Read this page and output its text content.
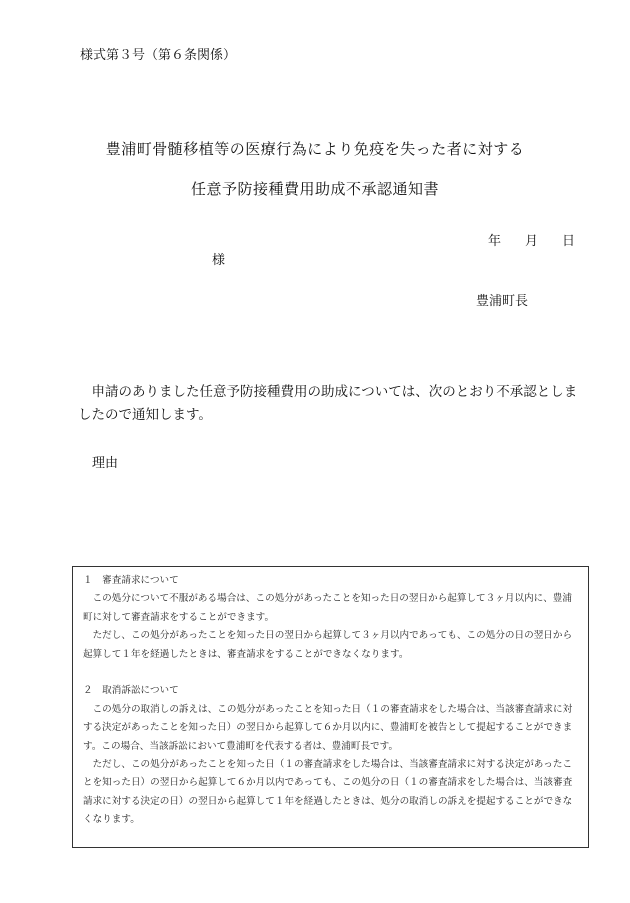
様式第３号（第６条関係）
豊浦町骨髄移植等の医療行為により免疫を失った者に対する
任意予防接種費用助成不承認通知書
年 月 日
様
豊浦町長

申請のありました任意予防接種費用の助成については、次のとおり不承認としましたので通知します。

理由

１　審査請求について

この処分について不服がある場合は、この処分があったことを知った日の翌日から起算して３ヶ月以内に、豊浦町に対して審査請求をすることができます。

ただし、この処分があったことを知った日の翌日から起算して３ヶ月以内であっても、この処分の日の翌日から起算して１年を経過したときは、審査請求をすることができなくなります。

２　取消訴訟について

この処分の取消しの訴えは、この処分があったことを知った日（１の審査請求をした場合は、当該審査請求に対する決定があったことを知った日）の翌日から起算して６か月以内に、豊浦町を被告として提起することができます。この場合、当該訴訟において豊浦町を代表する者は、豊浦町長です。

ただし、この処分があったことを知った日（１の審査請求をした場合は、当該審査請求に対する決定があったことを知った日）の翌日から起算して６か月以内であっても、この処分の日（１の審査請求をした場合は、当該審査請求に対する決定の日）の翌日から起算して１年を経過したときは、処分の取消しの訴えを提起することができなくなります。
